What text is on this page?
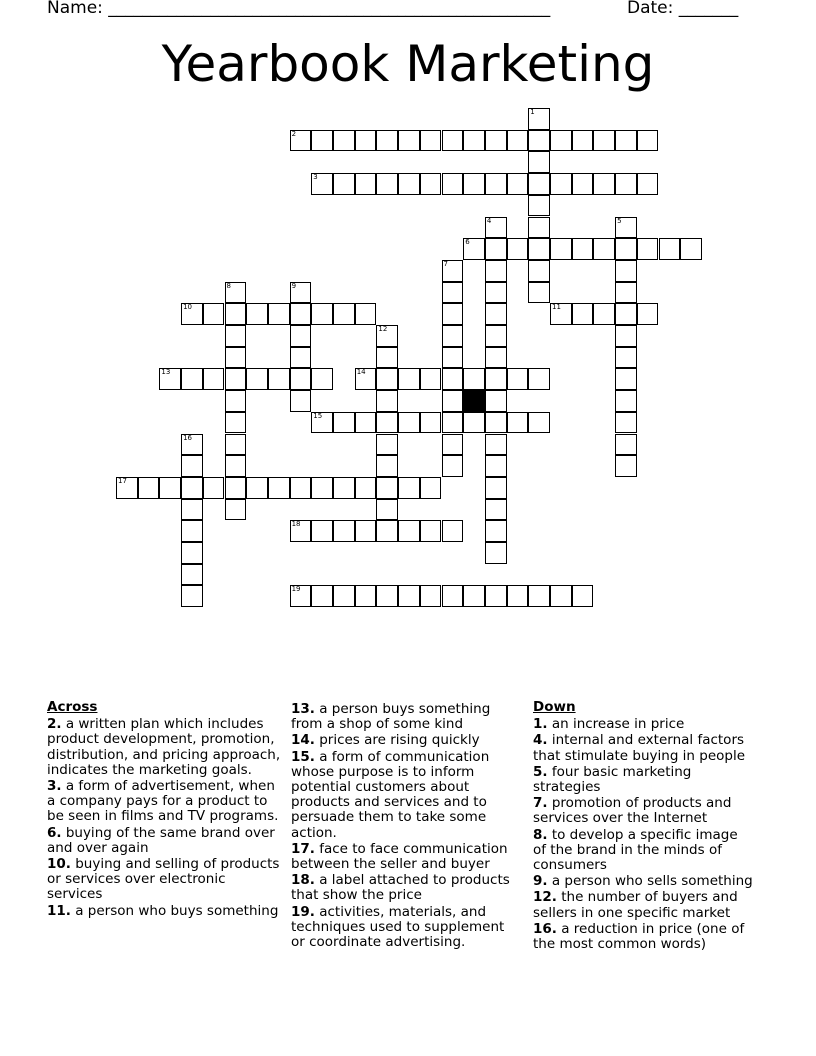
Name: ____________________________________________________	Date: _______
Yearbook Marketing
1
2
3
4	5
6
7
8	9
10	11
12
13	14
15
16
17
18
19
Across
2. a written plan which includes product development, promotion, distribution, and pricing approach, indicates the marketing goals.
3. a form of advertisement, when a company pays for a product to be seen in films and TV programs.
6. buying of the same brand over and over again
10. buying and selling of products or services over electronic services
11. a person who buys something
13. a person buys something from a shop of some kind
14. prices are rising quickly
15. a form of communication whose purpose is to inform potential customers about products and services and to persuade them to take some action.
17. face to face communication between the seller and buyer
18. a label attached to products that show the price
19. activities, materials, and techniques used to supplement or coordinate advertising.
Down
1. an increase in price
4. internal and external factors that stimulate buying in people
5. four basic marketing strategies
7. promotion of products and services over the Internet
8. to develop a specific image of the brand in the minds of consumers
9. a person who sells something
12. the number of buyers and sellers in one specific market
16. a reduction in price (one of the most common words)
